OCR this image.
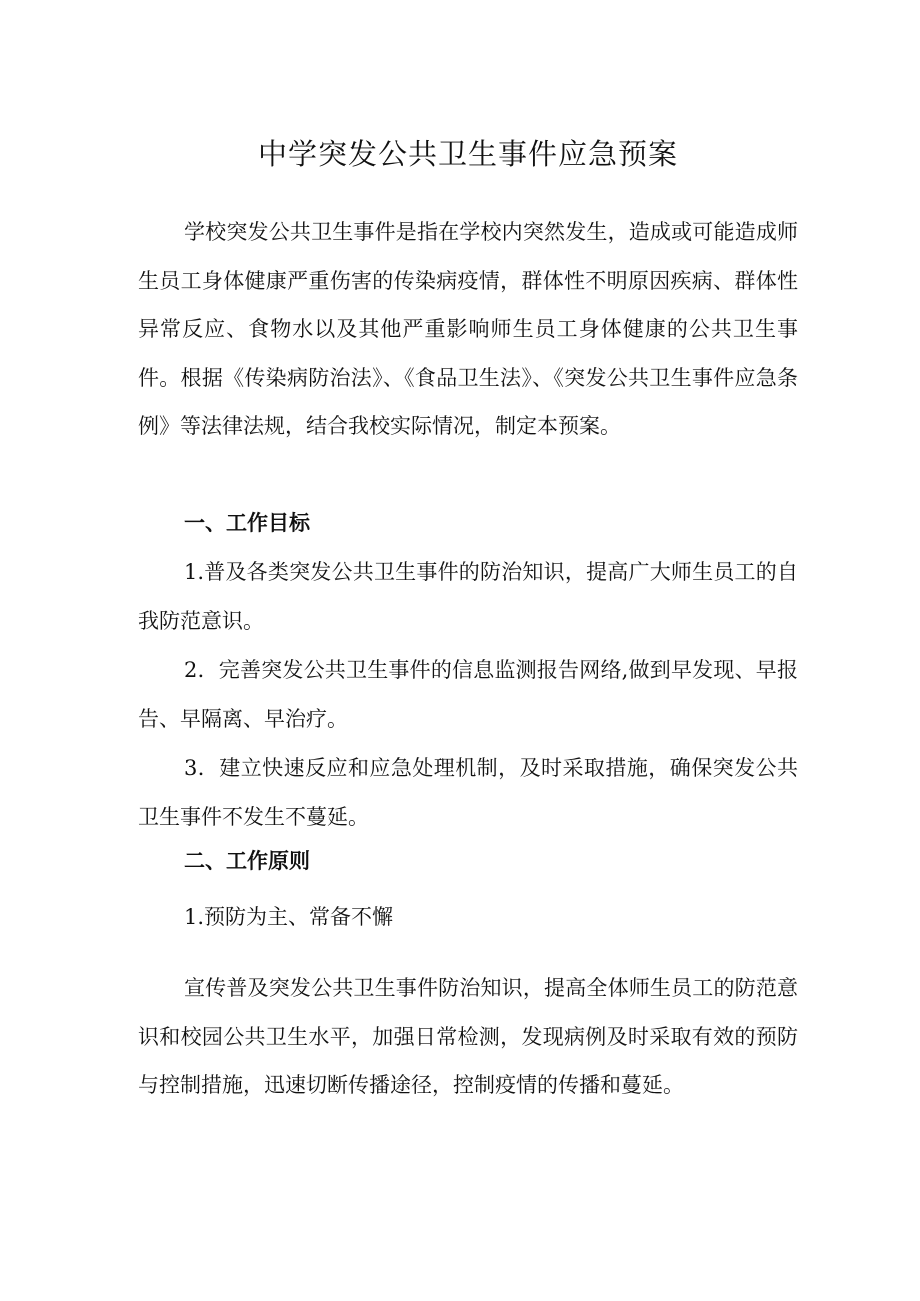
中学突发公共卫生事件应急预案

学校突发公共卫生事件是指在学校内突然发生，造成或可能造成师生员工身体健康严重伤害的传染病疫情，群体性不明原因疾病、群体性异常反应、食物水以及其他严重影响师生员工身体健康的公共卫生事件。根据《传染病防治法》、《食品卫生法》、《突发公共卫生事件应急条例》等法律法规，结合我校实际情况，制定本预案。

一、工作目标

1.普及各类突发公共卫生事件的防治知识，提高广大师生员工的自我防范意识。

2．完善突发公共卫生事件的信息监测报告网络,做到早发现、早报告、早隔离、早治疗。

3．建立快速反应和应急处理机制，及时采取措施，确保突发公共卫生事件不发生不蔓延。

二、工作原则

1.预防为主、常备不懈

宣传普及突发公共卫生事件防治知识，提高全体师生员工的防范意识和校园公共卫生水平，加强日常检测，发现病例及时采取有效的预防与控制措施，迅速切断传播途径，控制疫情的传播和蔓延。
